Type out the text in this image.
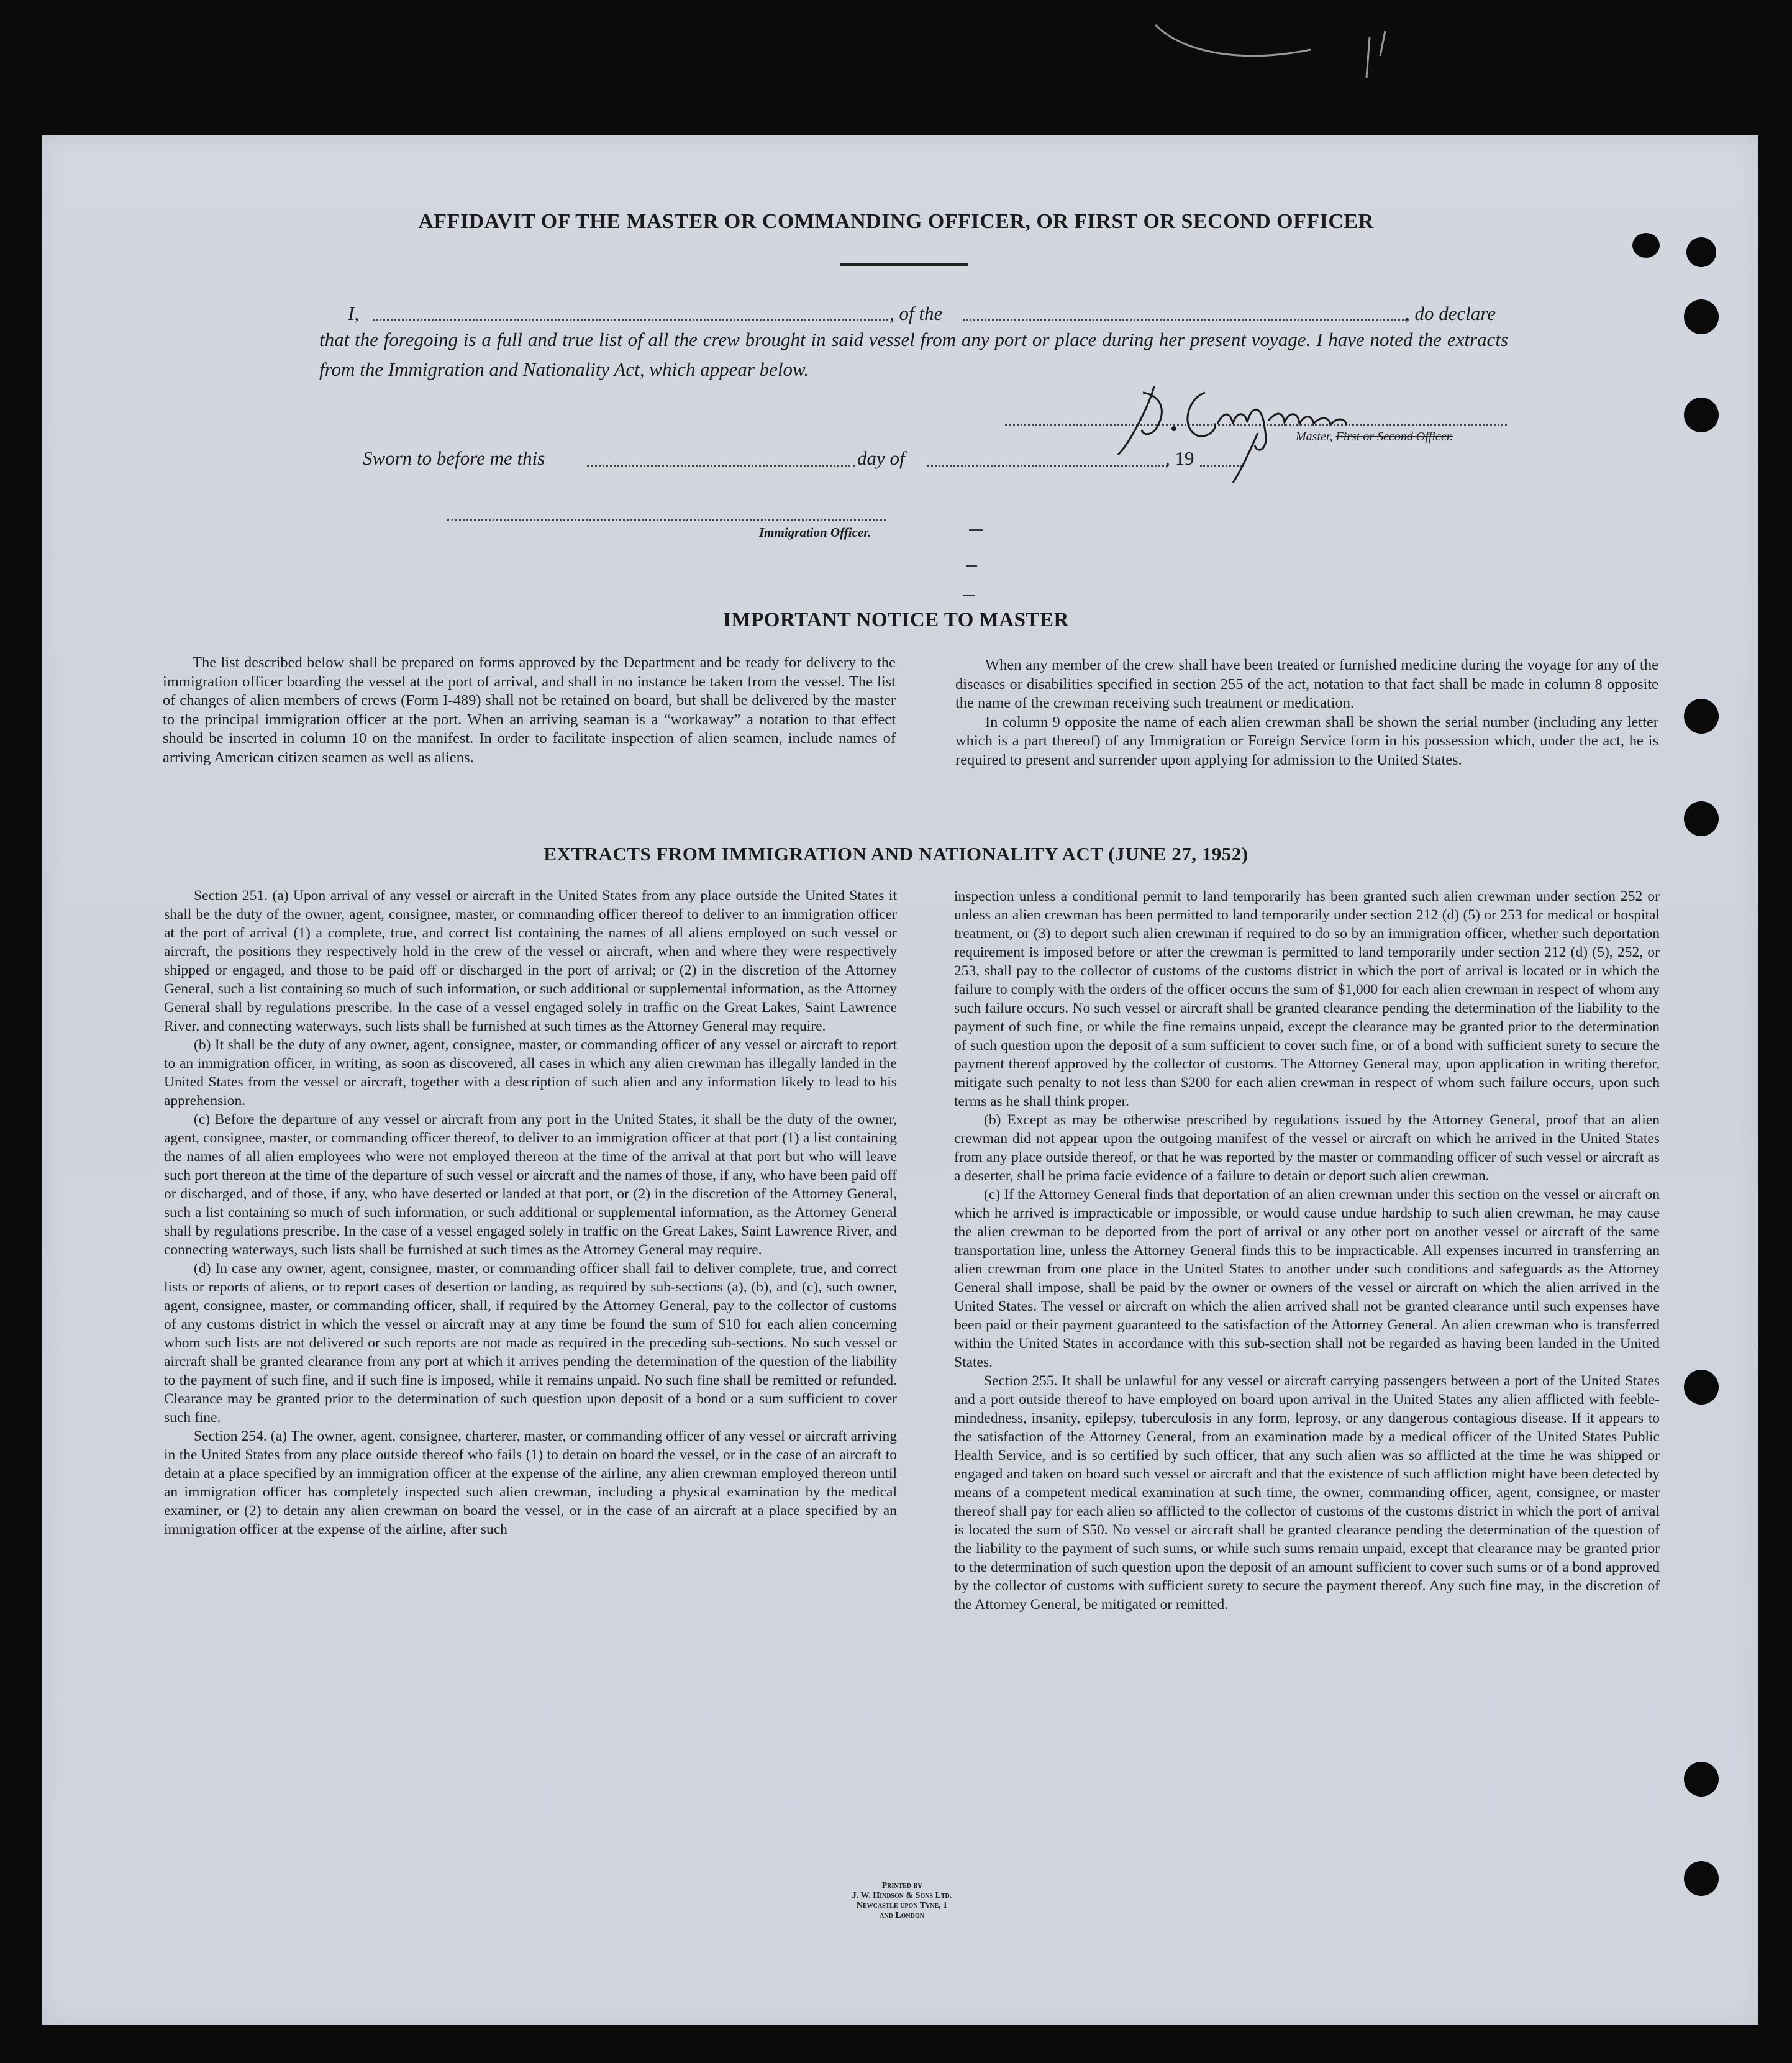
AFFIDAVIT OF THE MASTER OR COMMANDING OFFICER, OR FIRST OR SECOND OFFICER
I,	, of the	, do declare
that the foregoing is a full and true list of all the crew brought in said vessel from any port or place during her present voyage. I have noted the extracts from the Immigration and Nationality Act, which appear below.
Master, First or Second Officer.
Sworn to before me this	day of	, 19
Immigration Officer.
IMPORTANT NOTICE TO MASTER

The list described below shall be prepared on forms approved by the Department and be ready for delivery to the immigration officer boarding the vessel at the port of arrival, and shall in no instance be taken from the vessel. The list of changes of alien members of crews (Form I-489) shall not be retained on board, but shall be delivered by the master to the principal immigration officer at the port. When an arriving seaman is a “workaway” a notation to that effect should be inserted in column 10 on the manifest. In order to facilitate inspection of alien seamen, include names of arriving American citizen seamen as well as aliens.

When any member of the crew shall have been treated or furnished medicine during the voyage for any of the diseases or disabilities specified in section 255 of the act, notation to that fact shall be made in column 8 opposite the name of the crewman receiving such treatment or medication.

In column 9 opposite the name of each alien crewman shall be shown the serial number (including any letter which is a part thereof) of any Immigration or Foreign Service form in his possession which, under the act, he is required to present and surrender upon applying for admission to the United States.

EXTRACTS FROM IMMIGRATION AND NATIONALITY ACT (JUNE 27, 1952)

Section 251. (a) Upon arrival of any vessel or aircraft in the United States from any place outside the United States it shall be the duty of the owner, agent, consignee, master, or commanding officer thereof to deliver to an immigration officer at the port of arrival (1) a complete, true, and correct list containing the names of all aliens employed on such vessel or aircraft, the positions they respectively hold in the crew of the vessel or aircraft, when and where they were respectively shipped or engaged, and those to be paid off or discharged in the port of arrival; or (2) in the discretion of the Attorney General, such a list containing so much of such information, or such additional or supplemental information, as the Attorney General shall by regulations prescribe. In the case of a vessel engaged solely in traffic on the Great Lakes, Saint Lawrence River, and connecting waterways, such lists shall be furnished at such times as the Attorney General may require.

(b) It shall be the duty of any owner, agent, consignee, master, or commanding officer of any vessel or aircraft to report to an immigration officer, in writing, as soon as discovered, all cases in which any alien crewman has illegally landed in the United States from the vessel or aircraft, together with a description of such alien and any information likely to lead to his apprehension.

(c) Before the departure of any vessel or aircraft from any port in the United States, it shall be the duty of the owner, agent, consignee, master, or commanding officer thereof, to deliver to an immigration officer at that port (1) a list containing the names of all alien employees who were not employed thereon at the time of the arrival at that port but who will leave such port thereon at the time of the departure of such vessel or aircraft and the names of those, if any, who have been paid off or discharged, and of those, if any, who have deserted or landed at that port, or (2) in the discretion of the Attorney General, such a list containing so much of such information, or such additional or supplemental information, as the Attorney General shall by regulations prescribe. In the case of a vessel engaged solely in traffic on the Great Lakes, Saint Lawrence River, and connecting waterways, such lists shall be furnished at such times as the Attorney General may require.

(d) In case any owner, agent, consignee, master, or commanding officer shall fail to deliver complete, true, and correct lists or reports of aliens, or to report cases of desertion or landing, as required by sub-sections (a), (b), and (c), such owner, agent, consignee, master, or commanding officer, shall, if required by the Attorney General, pay to the collector of customs of any customs district in which the vessel or aircraft may at any time be found the sum of $10 for each alien concerning whom such lists are not delivered or such reports are not made as required in the preceding sub-sections. No such vessel or aircraft shall be granted clearance from any port at which it arrives pending the determination of the question of the liability to the payment of such fine, and if such fine is imposed, while it remains unpaid. No such fine shall be remitted or refunded. Clearance may be granted prior to the determination of such question upon deposit of a bond or a sum sufficient to cover such fine.

Section 254. (a) The owner, agent, consignee, charterer, master, or commanding officer of any vessel or aircraft arriving in the United States from any place outside thereof who fails (1) to detain on board the vessel, or in the case of an aircraft to detain at a place specified by an immigration officer at the expense of the airline, any alien crewman employed thereon until an immigration officer has completely inspected such alien crewman, including a physical examination by the medical examiner, or (2) to detain any alien crewman on board the vessel, or in the case of an aircraft at a place specified by an immigration officer at the expense of the airline, after such

inspection unless a conditional permit to land temporarily has been granted such alien crewman under section 252 or unless an alien crewman has been permitted to land temporarily under section 212 (d) (5) or 253 for medical or hospital treatment, or (3) to deport such alien crewman if required to do so by an immigration officer, whether such deportation requirement is imposed before or after the crewman is permitted to land temporarily under section 212 (d) (5), 252, or 253, shall pay to the collector of customs of the customs district in which the port of arrival is located or in which the failure to comply with the orders of the officer occurs the sum of $1,000 for each alien crewman in respect of whom any such failure occurs. No such vessel or aircraft shall be granted clearance pending the determination of the liability to the payment of such fine, or while the fine remains unpaid, except the clearance may be granted prior to the determination of such question upon the deposit of a sum sufficient to cover such fine, or of a bond with sufficient surety to secure the payment thereof approved by the collector of customs. The Attorney General may, upon application in writing therefor, mitigate such penalty to not less than $200 for each alien crewman in respect of whom such failure occurs, upon such terms as he shall think proper.

(b) Except as may be otherwise prescribed by regulations issued by the Attorney General, proof that an alien crewman did not appear upon the outgoing manifest of the vessel or aircraft on which he arrived in the United States from any place outside thereof, or that he was reported by the master or commanding officer of such vessel or aircraft as a deserter, shall be prima facie evidence of a failure to detain or deport such alien crewman.

(c) If the Attorney General finds that deportation of an alien crewman under this section on the vessel or aircraft on which he arrived is impracticable or impossible, or would cause undue hardship to such alien crewman, he may cause the alien crewman to be deported from the port of arrival or any other port on another vessel or aircraft of the same transportation line, unless the Attorney General finds this to be impracticable. All expenses incurred in transferring an alien crewman from one place in the United States to another under such conditions and safeguards as the Attorney General shall impose, shall be paid by the owner or owners of the vessel or aircraft on which the alien arrived in the United States. The vessel or aircraft on which the alien arrived shall not be granted clearance until such expenses have been paid or their payment guaranteed to the satisfaction of the Attorney General. An alien crewman who is transferred within the United States in accordance with this sub-section shall not be regarded as having been landed in the United States.

Section 255. It shall be unlawful for any vessel or aircraft carrying passengers between a port of the United States and a port outside thereof to have employed on board upon arrival in the United States any alien afflicted with feeble-mindedness, insanity, epilepsy, tuberculosis in any form, leprosy, or any dangerous contagious disease. If it appears to the satisfaction of the Attorney General, from an examination made by a medical officer of the United States Public Health Service, and is so certified by such officer, that any such alien was so afflicted at the time he was shipped or engaged and taken on board such vessel or aircraft and that the existence of such affliction might have been detected by means of a competent medical examination at such time, the owner, commanding officer, agent, consignee, or master thereof shall pay for each alien so afflicted to the collector of customs of the customs district in which the port of arrival is located the sum of $50. No vessel or aircraft shall be granted clearance pending the determination of the question of the liability to the payment of such sums, or while such sums remain unpaid, except that clearance may be granted prior to the determination of such question upon the deposit of an amount sufficient to cover such sums or of a bond approved by the collector of customs with sufficient surety to secure the payment thereof. Any such fine may, in the discretion of the Attorney General, be mitigated or remitted.

Printed by
J. W. Hindson & Sons Ltd.
Newcastle upon Tyne, 1
and London
